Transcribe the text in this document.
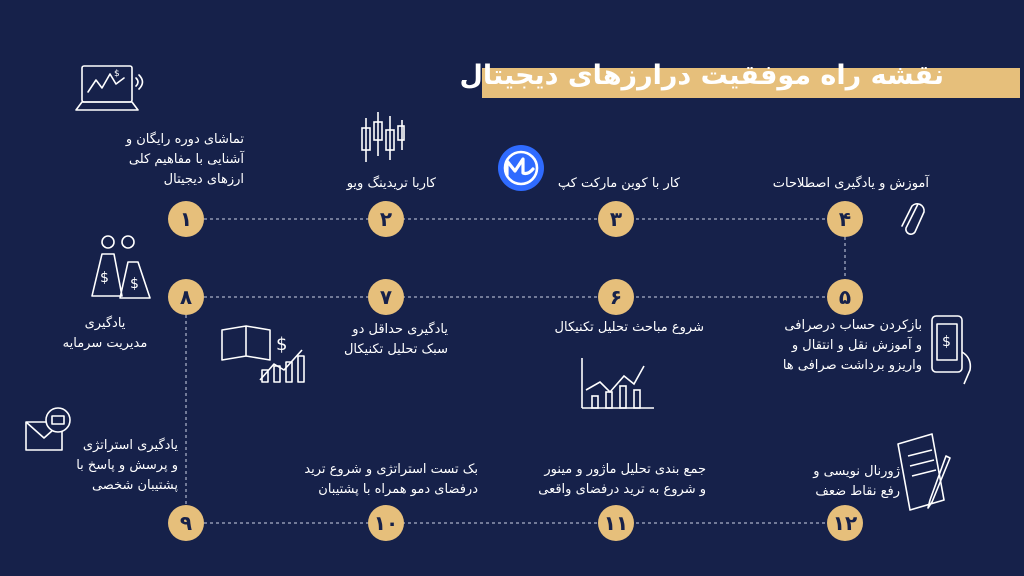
نقشه راه موفقیت درارزهای دیجیتال
۱	۲	۳	۴
۵
۶
۷
۸
۹	۱۰	۱۱	۱۲
تماشای دوره رایگان و
آشنایی با مفاهیم کلی
ارزهای دیجیتال	کاربا تریدینگ ویو	کار با کوین مارکت کپ	آموزش و یادگیری اصطلاحات
بازکردن حساب درصرافی
و آموزش نقل و انتقال و
واریزو برداشت صرافی ها
شروع مباحث تحلیل تکنیکال
یادگیری حداقل دو
سبک تحلیل تکنیکال
یادگیری
مدیریت سرمایه
یادگیری استراتژی
و پرسش و پاسخ با
پشتیبان شخصی
بک تست استراتژی و شروع ترید
درفضای دمو همراه با پشتیبان
جمع بندی تحلیل ماژور و مینور
و شروع به ترید درفضای واقعی
ژورنال نویسی و
رفع نقاط ضعف
$
$ $
$	$
